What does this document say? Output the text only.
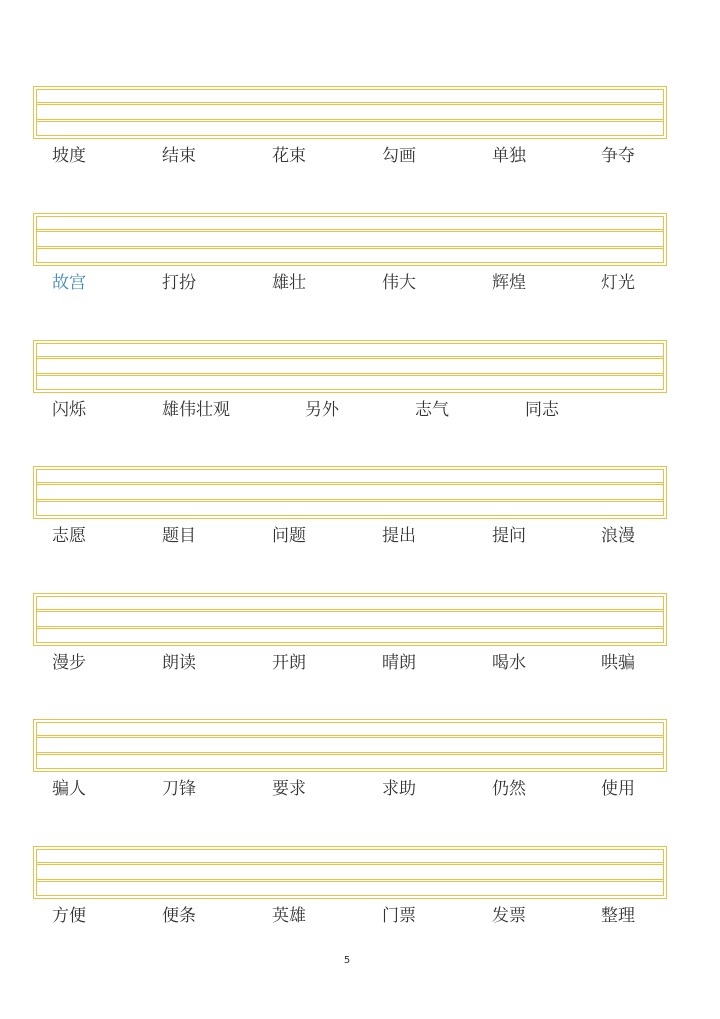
坡度	结束	花束	勾画	单独	争夺
故宫	打扮	雄壮	伟大	辉煌	灯光
闪烁	雄伟壮观	另外	志气	同志
志愿	题目	问题	提出	提问	浪漫
漫步	朗读	开朗	晴朗	喝水	哄骗
骗人	刀锋	要求	求助	仍然	使用
方便	便条	英雄	门票	发票	整理
5
